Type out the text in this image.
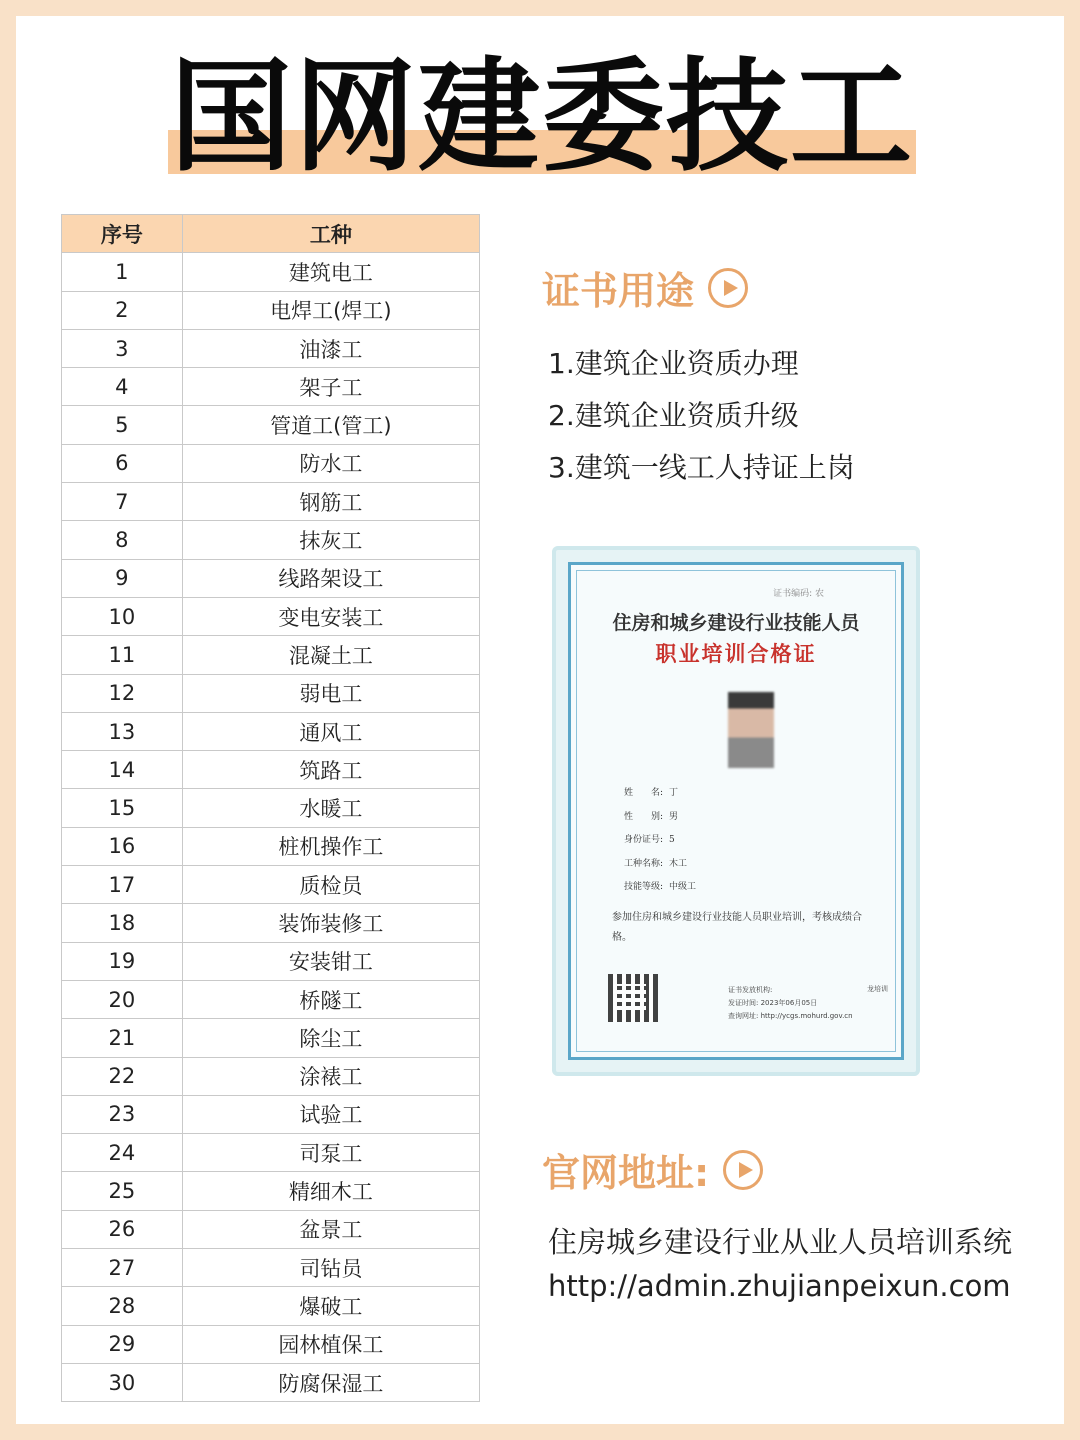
国网建委技工
序号	工种
1	建筑电工
2	电焊工(焊工)
3	油漆工
4	架子工
5	管道工(管工)
6	防水工
7	钢筋工
8	抹灰工
9	线路架设工
10	变电安装工
11	混凝土工
12	弱电工
13	通风工
14	筑路工
15	水暖工
16	桩机操作工
17	质检员
18	装饰装修工
19	安装钳工
20	桥隧工
21	除尘工
22	涂裱工
23	试验工
24	司泵工
25	精细木工
26	盆景工
27	司钻员
28	爆破工
29	园林植保工
30	防腐保湿工
证书用途
1.建筑企业资质办理
2.建筑企业资质升级
3.建筑一线工人持证上岗
证书编码: 农
住房和城乡建设行业技能人员
职业培训合格证
姓　　名: 丁
性　　别: 男
身份证号: 5
工种名称: 木工
技能等级: 中级工
参加住房和城乡建设行业技能人员职业培训，考核成绩合格。
证书发放机构:
发证时间: 2023年06月05日
查询网址: http://ycgs.mohurd.gov.cn
龙培训
官网地址:
住房城乡建设行业从业人员培训系统
http://admin.zhujianpeixun.com
